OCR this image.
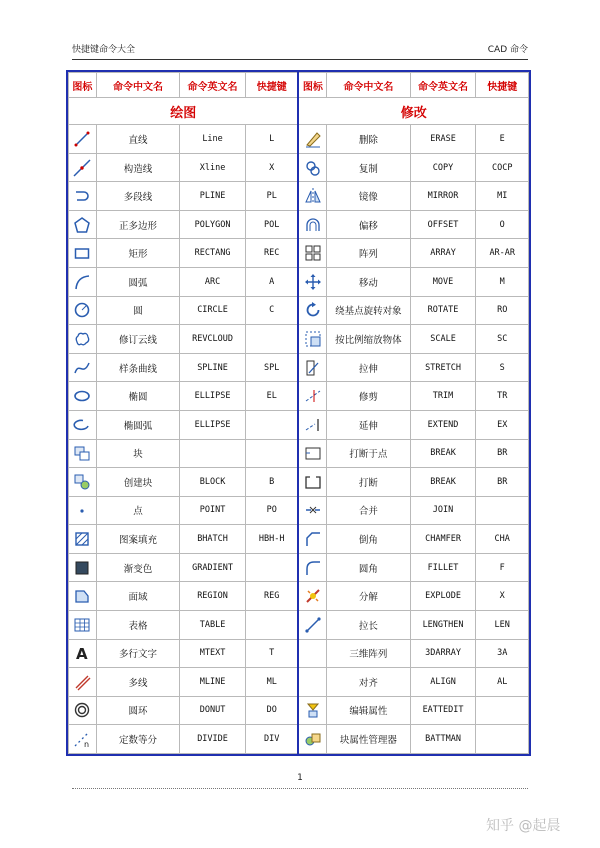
快捷键命令大全	CAD 命令
图标	命令中文名	命令英文名	快捷键	图标	命令中文名	命令英文名	快捷键
绘图				修改			

	直线	Line	L		删除	ERASE	E

	构造线	Xline	X		复制	COPY	COCP

	多段线	PLINE	PL		镜像	MIRROR	MI

	正多边形	POLYGON	POL		偏移	OFFSET	O

	矩形	RECTANG	REC		阵列	ARRAY	AR-AR

	圆弧	ARC	A		移动	MOVE	M

	圆	CIRCLE	C		绕基点旋转对象	ROTATE	RO

	修订云线	REVCLOUD			按比例缩放物体	SCALE	SC

	样条曲线	SPLINE	SPL		拉伸	STRETCH	S

	椭圆	ELLIPSE	EL		修剪	TRIM	TR

	椭圆弧	ELLIPSE			延伸	EXTEND	EX

	块				打断于点	BREAK	BR

	创建块	BLOCK	B		打断	BREAK	BR

	点	POINT	PO		合并	JOIN	

	图案填充	BHATCH	HBH-H		倒角	CHAMFER	CHA

	渐变色	GRADIENT			圆角	FILLET	F

	面域	REGION	REG		分解	EXPLODE	X

	表格	TABLE			拉长	LENGTHEN	LEN

A	多行文字	MTEXT	T		三维阵列	3DARRAY	3A

	多线	MLINE	ML		对齐	ALIGN	AL

	圆环	DONUT	DO		编辑属性	EATTEDIT	

n	定数等分	DIVIDE	DIV		块属性管理器	BATTMAN	
1
知乎 @起晨
